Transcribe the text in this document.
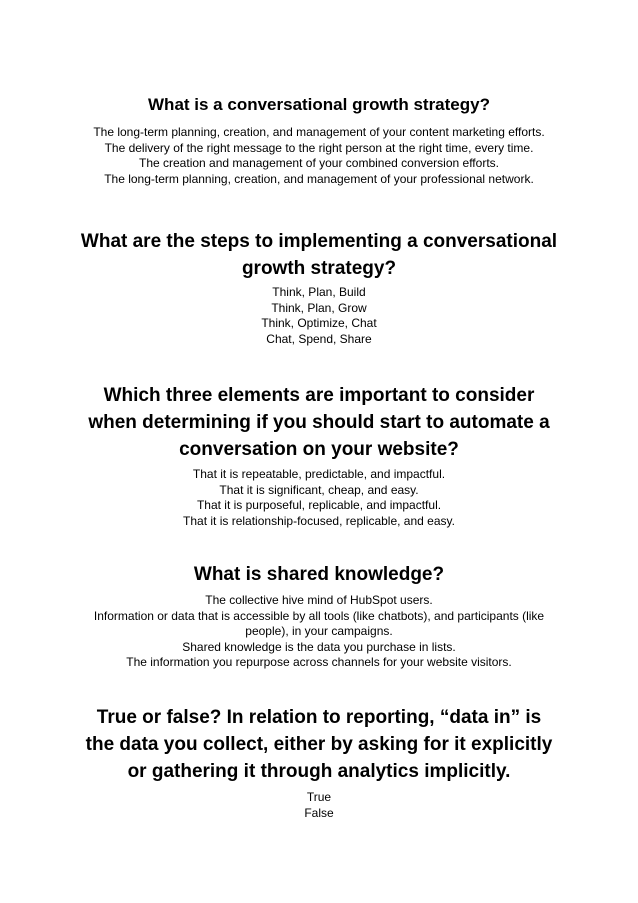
What is a conversational growth strategy?
The long-term planning, creation, and management of your content marketing efforts.
The delivery of the right message to the right person at the right time, every time.
The creation and management of your combined conversion efforts.
The long-term planning, creation, and management of your professional network.
What are the steps to implementing a conversational growth strategy?
Think, Plan, Build
Think, Plan, Grow
Think, Optimize, Chat
Chat, Spend, Share
Which three elements are important to consider when determining if you should start to automate a conversation on your website?
That it is repeatable, predictable, and impactful.
That it is significant, cheap, and easy.
That it is purposeful, replicable, and impactful.
That it is relationship-focused, replicable, and easy.
What is shared knowledge?
The collective hive mind of HubSpot users.
Information or data that is accessible by all tools (like chatbots), and participants (like people), in your campaigns.
Shared knowledge is the data you purchase in lists.
The information you repurpose across channels for your website visitors.
True or false? In relation to reporting, “data in” is the data you collect, either by asking for it explicitly or gathering it through analytics implicitly.
True
False
